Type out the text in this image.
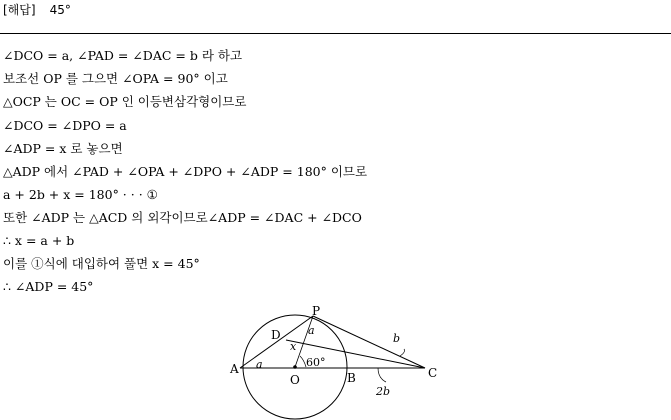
[해답] 45°
∠DCO = a, ∠PAD = ∠DAC = b 라 하고
보조선 OP 를 그으면 ∠OPA = 90° 이고
△OCP 는 OC = OP 인 이등변삼각형이므로
∠DCO = ∠DPO = a
∠ADP = x 로 놓으면
△ADP 에서 ∠PAD + ∠OPA + ∠DPO + ∠ADP = 180° 이므로
a + 2b + x = 180° · · · ①
또한 ∠ADP 는 △ACD 의 외각이므로∠ADP = ∠DAC + ∠DCO
∴ x = a + b
이를 ①식에 대입하여 풀면 x = 45°
∴ ∠ADP = 45°
P
D
A
O	B	C
a
a
x
60°
b
2b
